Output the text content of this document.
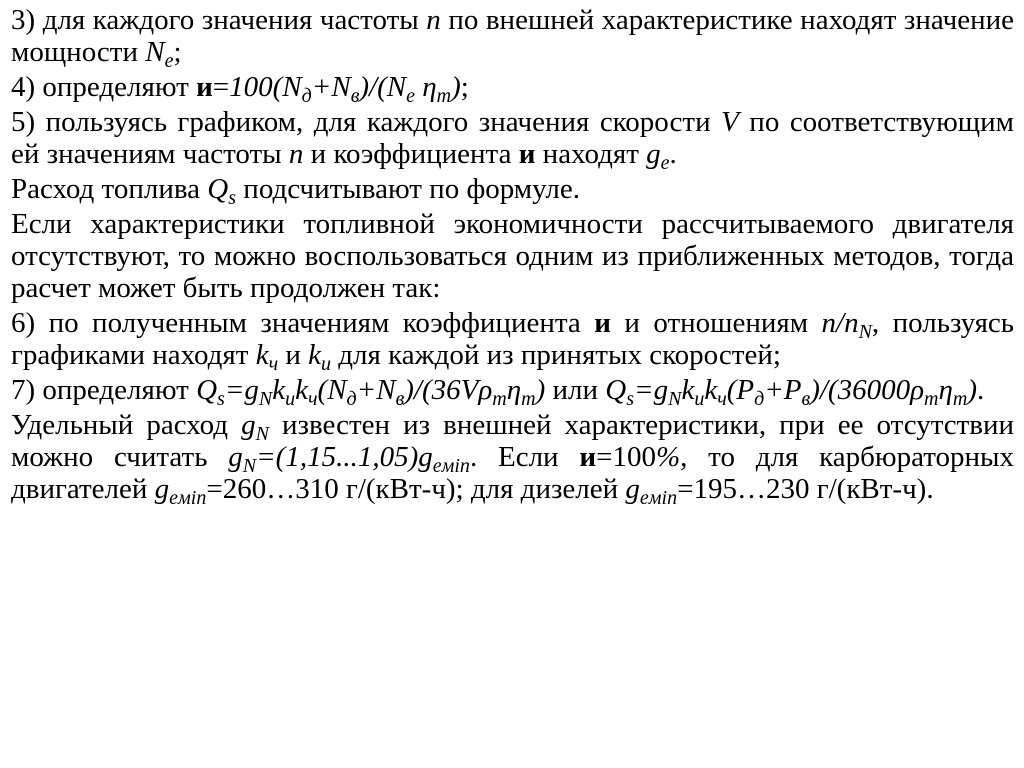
3) для каждого значения частоты n по внешней характеристике находят значение мощности $N_e$;

4) определяют $и=100(N_д+N_в)/(N_e$ $\eta_т$);

5) пользуясь графиком, для каждого значения скорости V по соответствующим ей значениям частоты n и коэффициента и находят $g_e$.

Расход топлива $Q_s$ подсчитывают по формуле.

Если характеристики топливной экономичности рассчитываемого двигателя отсутствуют, то можно воспользоваться одним из приближенных методов, тогда расчет может быть продолжен так:

6) по полученным значениям коэффициента и и отношениям $n/n_N$, пользуясь графиками находят $k_ч$ и $k_и$ для каждой из принятых скоростей;

7) определяют $Q_s=g_Nk_иk_ч(N_д+N_в)/(36V\rho_т\eta_т)$ или $Q_s=g_Nk_иk_ч(P_д+P_в)/(36000\rho_т\eta_т)$.

Удельный расход $g_N$ известен из внешней характеристики, при ее отсутствии можно считать $g_N=(1,15...1,05)g_{eмin}$. Если и=100%, то для карбюраторных двигателей $g_{eмin}=260\dots 310$ г/(кВт-ч); для дизелей $g_{eмin}=195\dots 230$ г/(кВт-ч).
